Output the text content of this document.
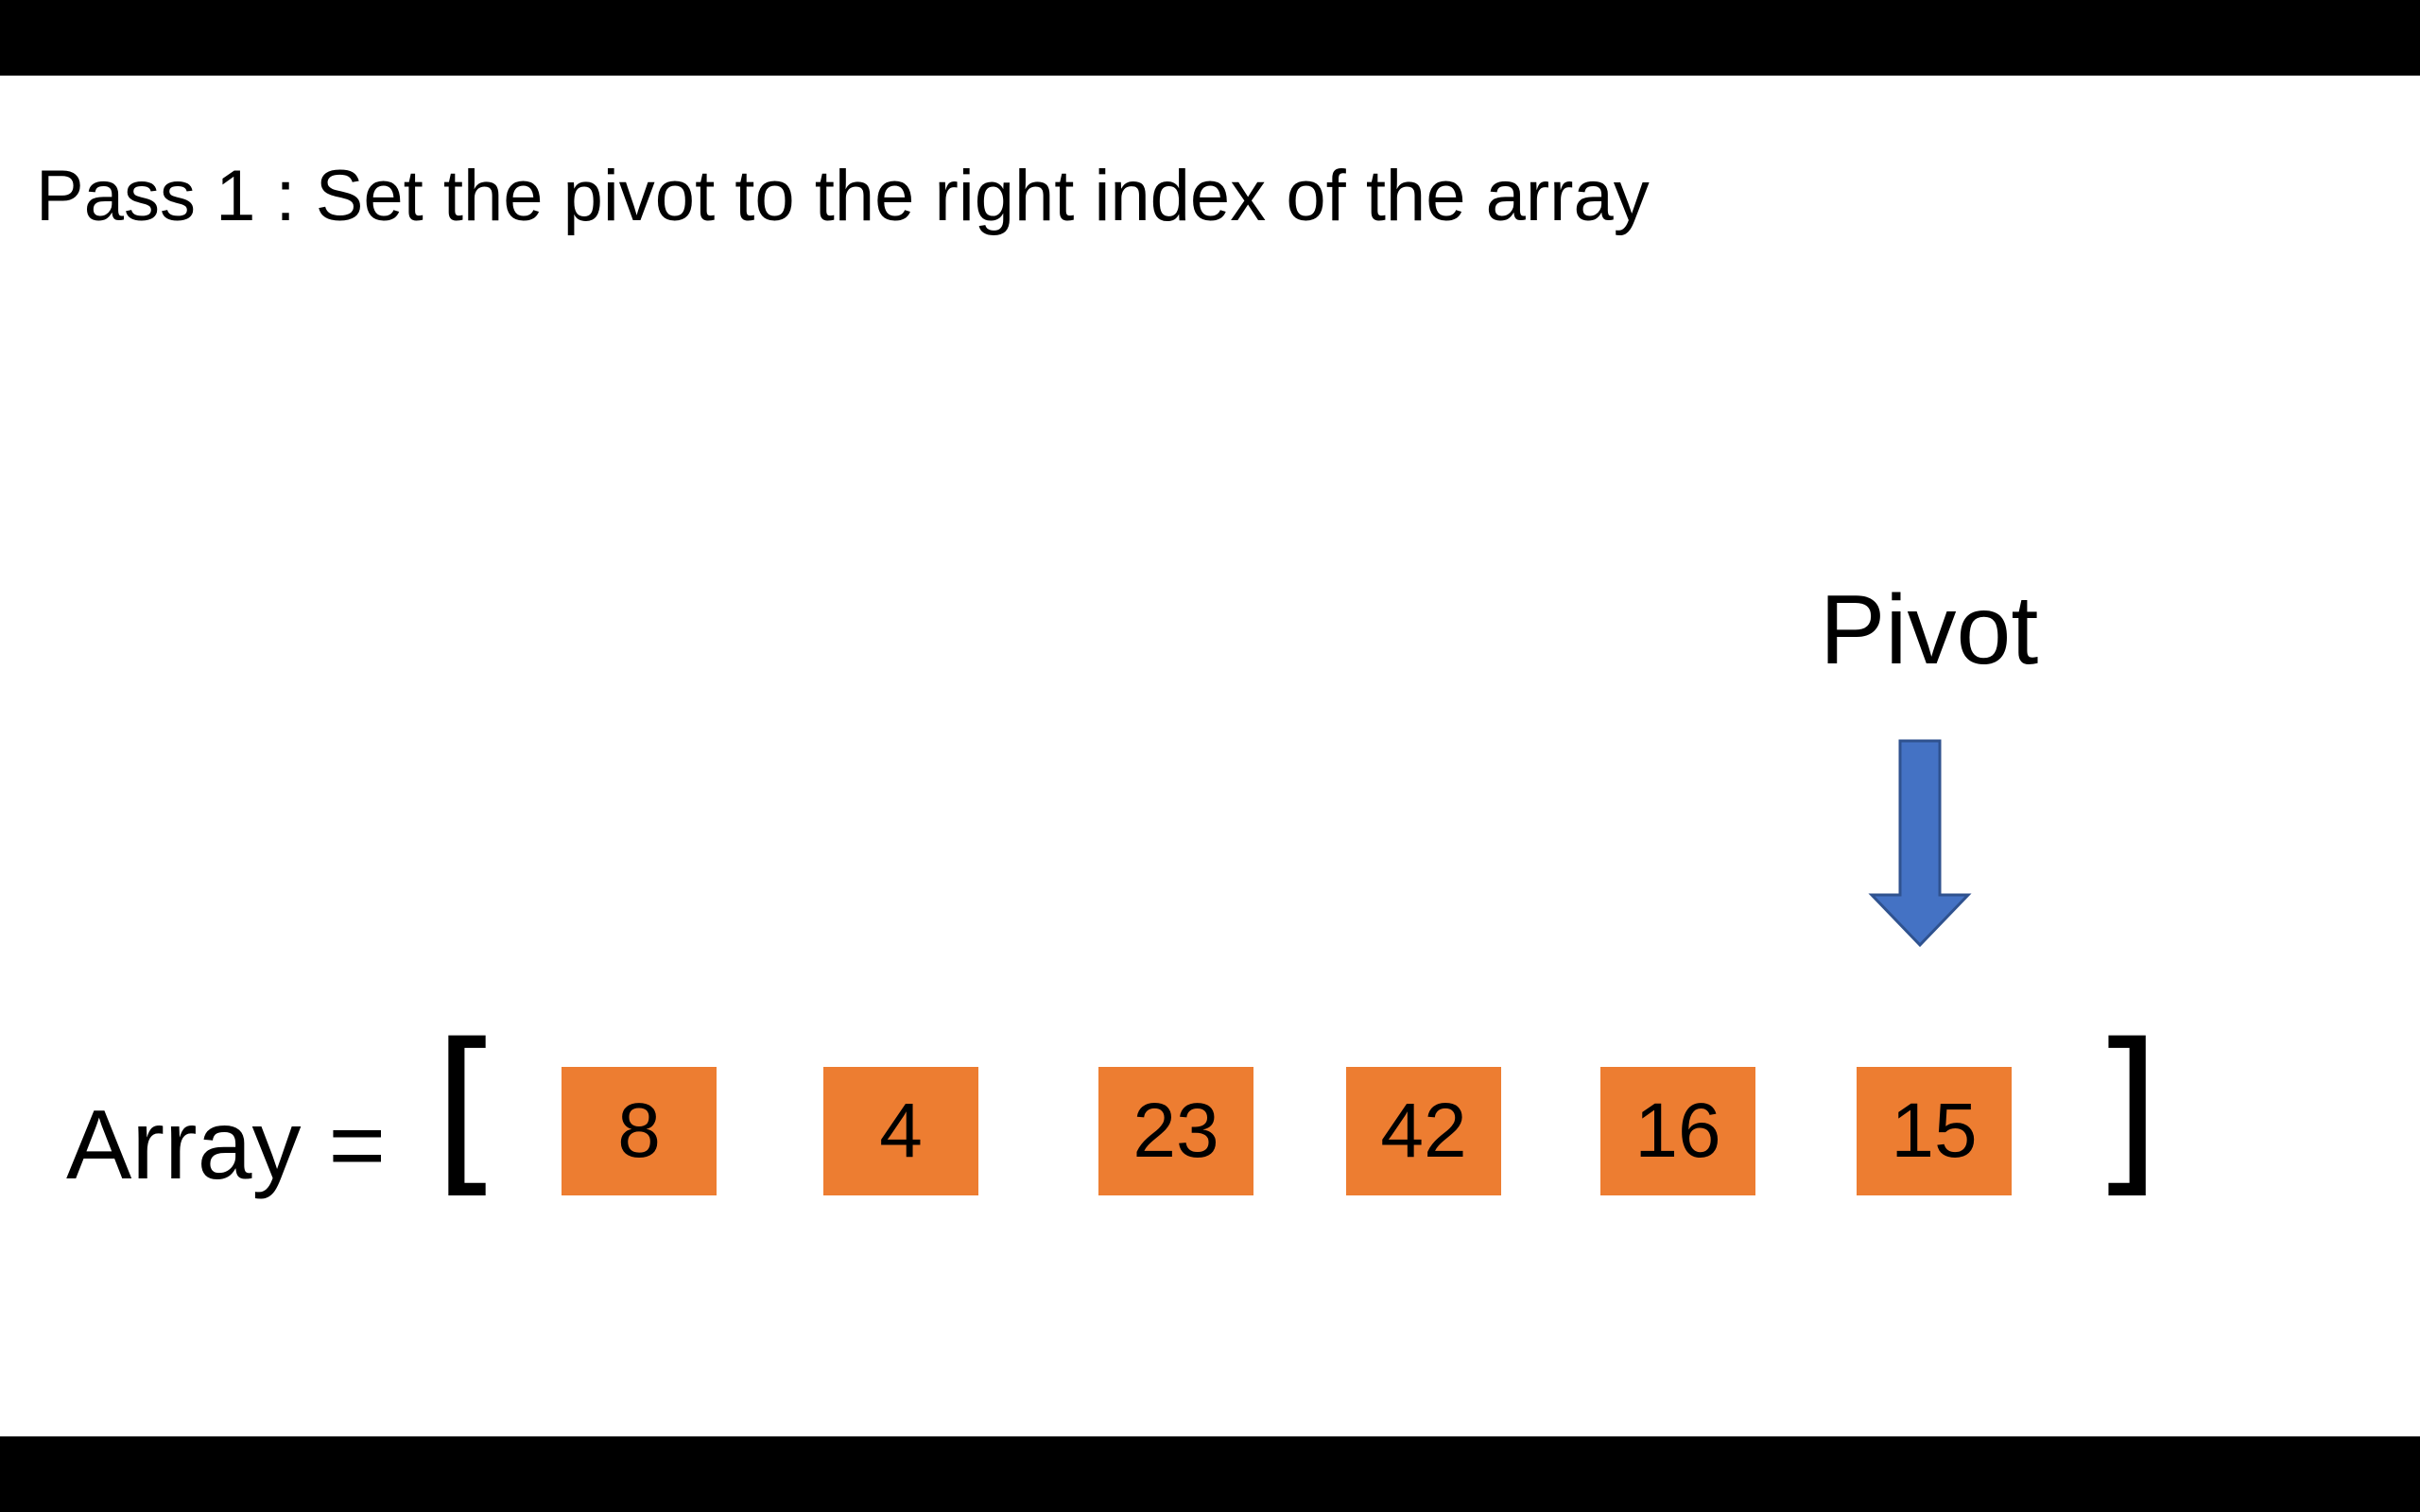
Pass 1 : Set the pivot to the right index of the array
Pivot
Array = [	8	4	23	42	16	15 ]
